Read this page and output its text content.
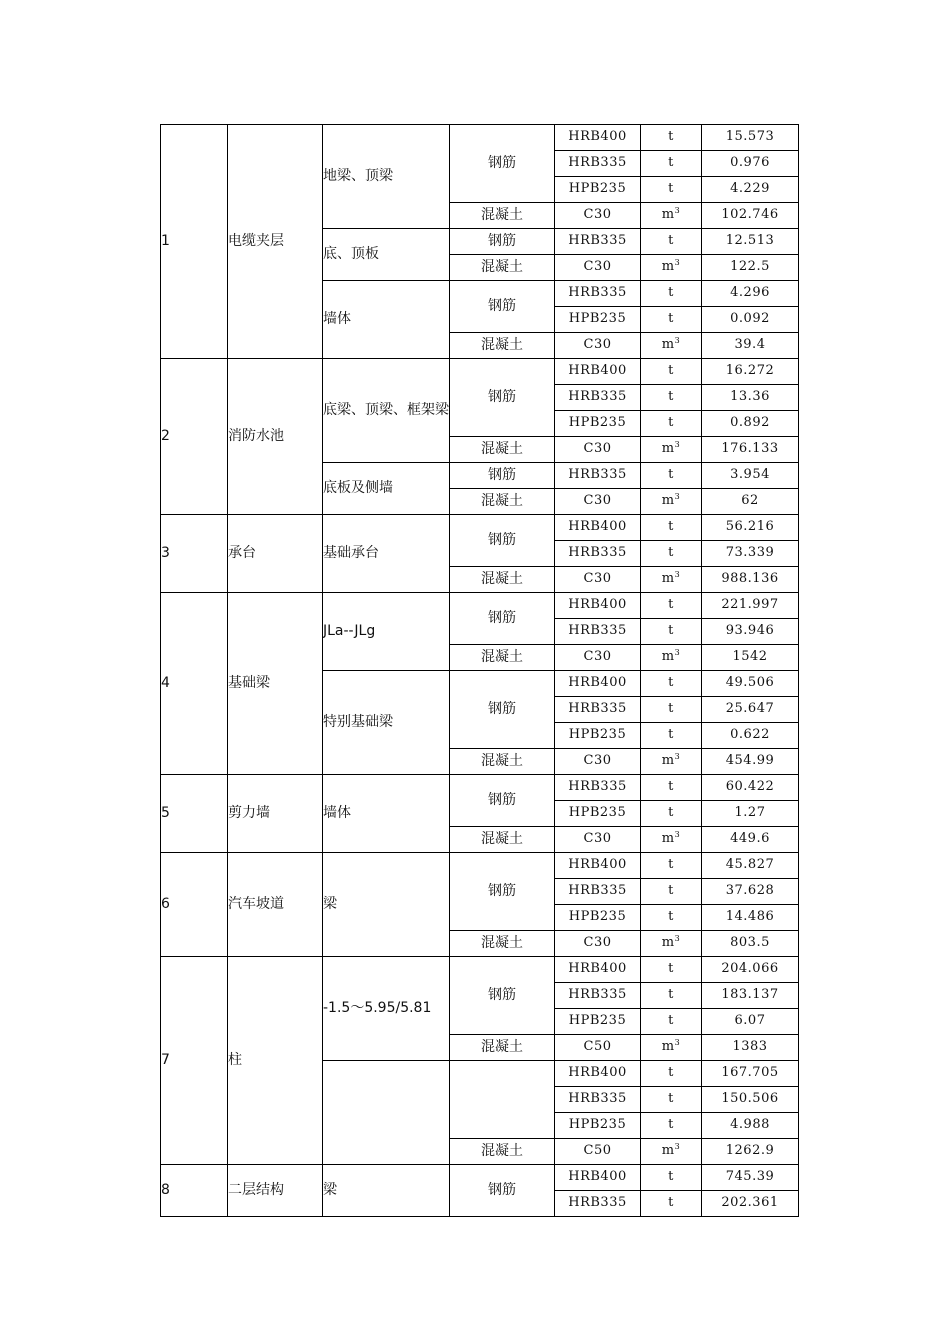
1	电缆夹层	地梁、顶梁	钢筋	HRB400	t	15.573
				HRB335	t	0.976
				HPB235	t	4.229
			混凝土	C30	$m^3$	102.746
		底、顶板	钢筋	HRB335	t	12.513
			混凝土	C30	$m^3$	122.5
		墙体	钢筋	HRB335	t	4.296
				HPB235	t	0.092
			混凝土	C30	$m^3$	39.4
2	消防水池	底梁、顶梁、框架梁	钢筋	HRB400	t	16.272
				HRB335	t	13.36
				HPB235	t	0.892
			混凝土	C30	$m^3$	176.133
		底板及侧墙	钢筋	HRB335	t	3.954
			混凝土	C30	$m^3$	62
3	承台	基础承台	钢筋	HRB400	t	56.216
				HRB335	t	73.339
			混凝土	C30	$m^3$	988.136
4	基础梁	JLa--JLg	钢筋	HRB400	t	221.997
				HRB335	t	93.946
			混凝土	C30	$m^3$	1542
		特别基础梁	钢筋	HRB400	t	49.506
				HRB335	t	25.647
				HPB235	t	0.622
			混凝土	C30	$m^3$	454.99
5	剪力墙	墙体	钢筋	HRB335	t	60.422
				HPB235	t	1.27
			混凝土	C30	$m^3$	449.6
6	汽车坡道	梁	钢筋	HRB400	t	45.827
				HRB335	t	37.628
				HPB235	t	14.486
			混凝土	C30	$m^3$	803.5
7	柱	-1.5～5.95/5.81	钢筋	HRB400	t	204.066
				HRB335	t	183.137
				HPB235	t	6.07
			混凝土	C50	$m^3$	1383
				HRB400	t	167.705
				HRB335	t	150.506
				HPB235	t	4.988
			混凝土	C50	$m^3$	1262.9
8	二层结构	梁	钢筋	HRB400	t	745.39
				HRB335	t	202.361
